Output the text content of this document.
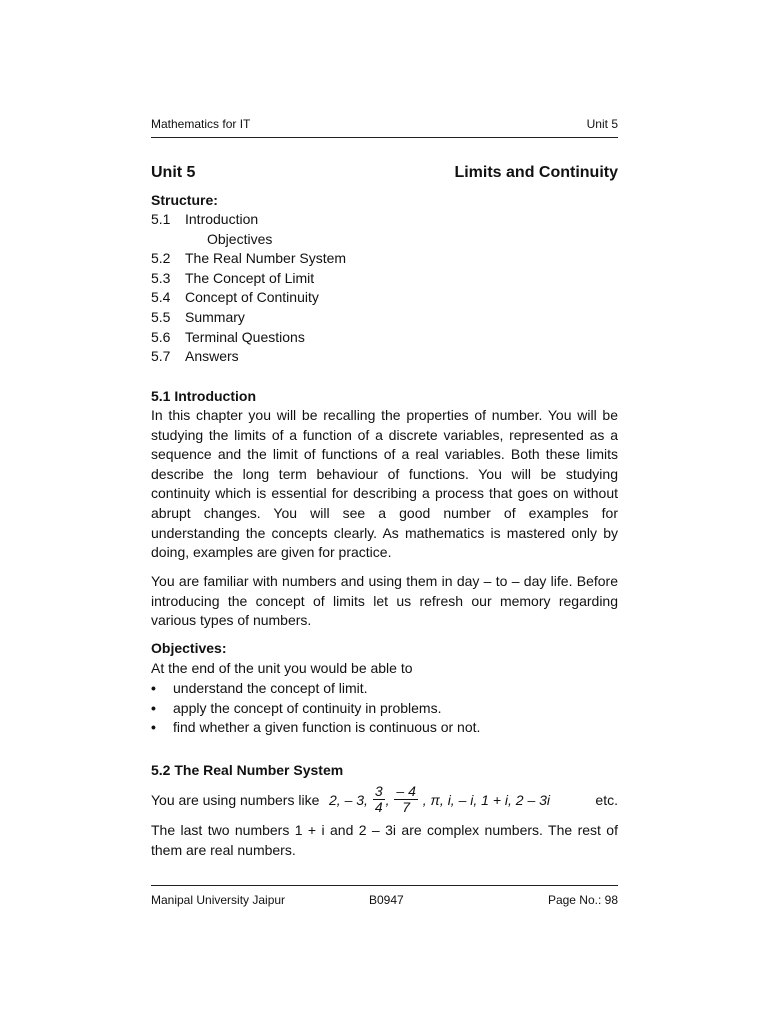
Mathematics for IT	Unit 5
Unit 5	Limits and Continuity
Structure:
5.1 Introduction
Objectives
5.2 The Real Number System
5.3 The Concept of Limit
5.4 Concept of Continuity
5.5 Summary
5.6 Terminal Questions
5.7 Answers
5.1 Introduction

In this chapter you will be recalling the properties of number. You will be studying the limits of a function of a discrete variables, represented as a sequence and the limit of functions of a real variables. Both these limits describe the long term behaviour of functions. You will be studying continuity which is essential for describing a process that goes on without abrupt changes. You will see a good number of examples for understanding the concepts clearly. As mathematics is mastered only by doing, examples are given for practice.

You are familiar with numbers and using them in day – to – day life. Before introducing the concept of limits let us refresh our memory regarding various types of numbers.

Objectives:
At the end of the unit you would be able to
• understand the concept of limit.
• apply the concept of continuity in problems.
• find whether a given function is continuous or not.
5.2 The Real Number System
You are using numbers like 2, – 3, $\frac{3}{4}$ , $\frac{- 4}{7}$ , π, i, – i, 1 + i, 2 – 3i	etc.

The last two numbers 1 + i and 2 – 3i are complex numbers. The rest of them are real numbers.

Manipal University Jaipur	B0947	Page No.: 98
